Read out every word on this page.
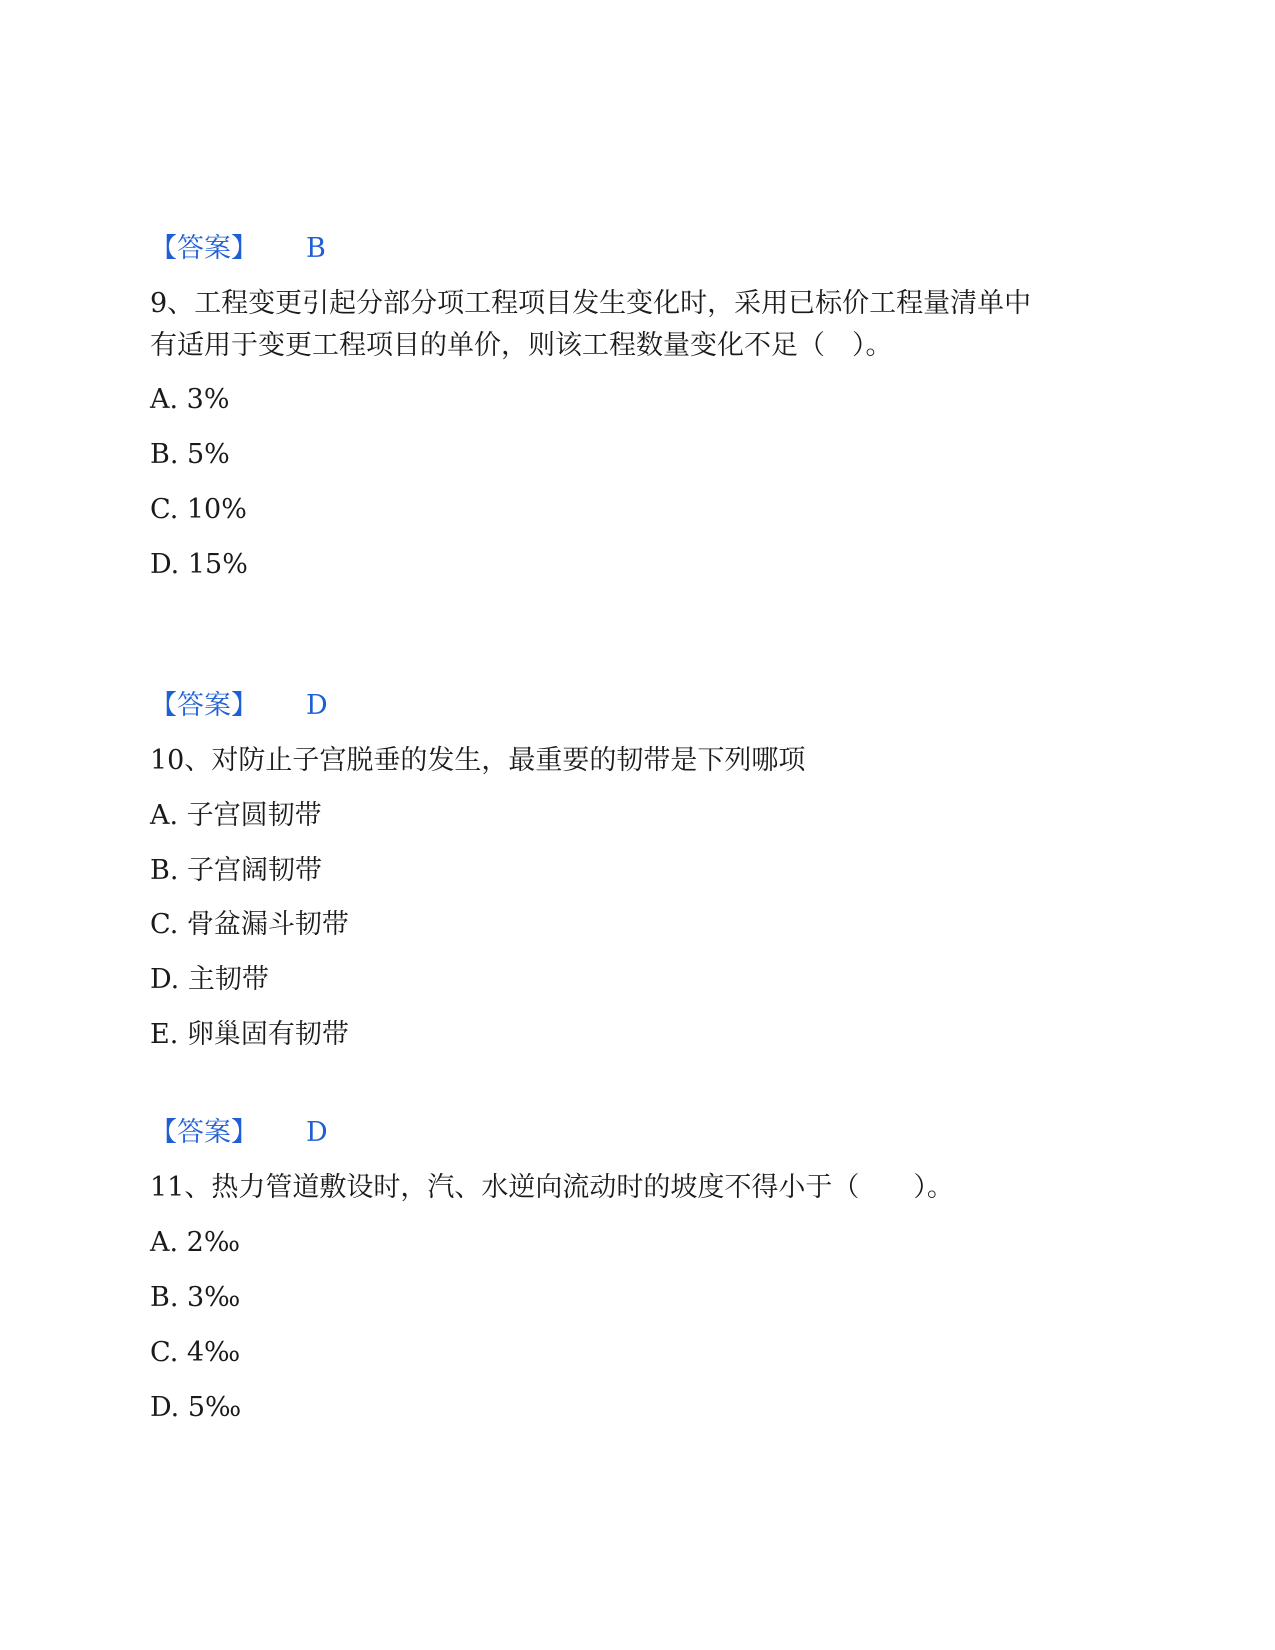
【答案】 B
9、工程变更引起分部分项工程项目发生变化时，采用已标价工程量清单中
有适用于变更工程项目的单价，则该工程数量变化不足（　）。
A. 3%
B. 5%
C. 10%
D. 15%
【答案】 D
10、对防止子宫脱垂的发生，最重要的韧带是下列哪项
A. 子宫圆韧带
B. 子宫阔韧带
C. 骨盆漏斗韧带
D. 主韧带
E. 卵巢固有韧带
【答案】 D
11、热力管道敷设时，汽、水逆向流动时的坡度不得小于（　　）。
A. 2‰
B. 3‰
C. 4‰
D. 5‰
